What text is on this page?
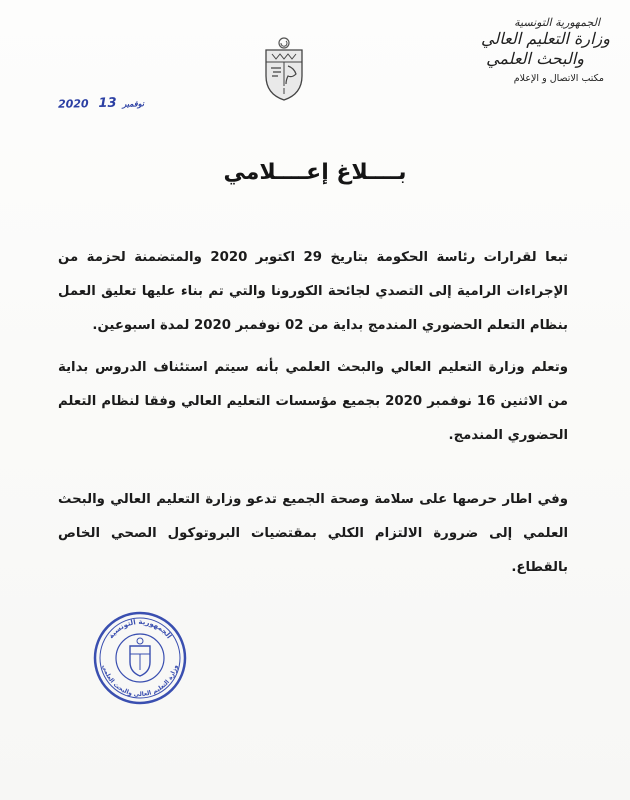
الجمهورية التونسية
وزارة التعليم العالي
والبحث العلمي
مكتب الاتصال و الإعلام
2020	نوفمبر 13
بــــلاغ إعــــلامي

تبعا لقرارات رئاسة الحكومة بتاريخ 29 اكتوبر 2020 والمتضمنة لحزمة من الإجراءات الرامية إلى التصدي لجائحة الكورونا والتي تم بناء عليها تعليق العمل بنظام التعلم الحضوري المندمج بداية من 02 نوفمبر 2020 لمدة اسبوعين.

وتعلم وزارة التعليم العالي والبحث العلمي بأنه سيتم استئناف الدروس بداية من الاثنين 16 نوفمبر 2020 بجميع مؤسسات التعليم العالي وفقا لنظام التعلم الحضوري المندمج.

وفي اطار حرصها على سلامة وصحة الجميع تدعو وزارة التعليم العالي والبحث العلمي إلى ضرورة الالتزام الكلي بمقتضيات البروتوكول الصحي الخاص بالقطاع.

الجمهورية التونسية
وزارة التعليم العالي والبحث العلمي
